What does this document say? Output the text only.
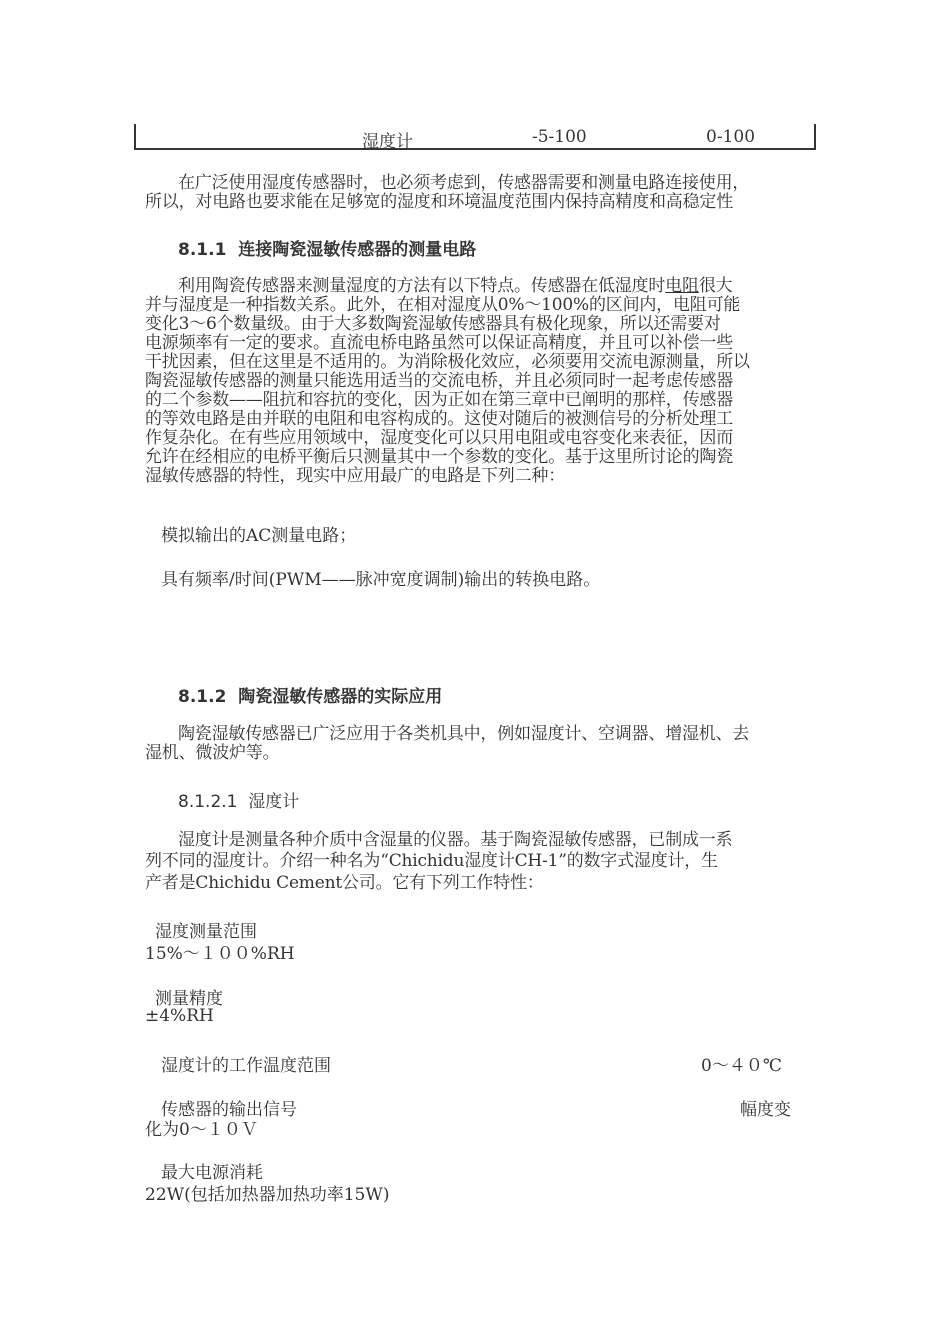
湿度计	-5-100	0-100
在广泛使用湿度传感器时，也必须考虑到，传感器需要和测量电路连接使用，
所以，对电路也要求能在足够宽的湿度和环境温度范围内保持高精度和高稳定性
8.1.1 连接陶瓷湿敏传感器的测量电路
利用陶瓷传感器来测量湿度的方法有以下特点。传感器在低湿度时电阻很大
并与湿度是一种指数关系。此外，在相对湿度从0%～100%的区间内，电阻可能
变化3～6个数量级。由于大多数陶瓷湿敏传感器具有极化现象，所以还需要对
电源频率有一定的要求。直流电桥电路虽然可以保证高精度，并且可以补偿一些
干扰因素，但在这里是不适用的。为消除极化效应，必须要用交流电源测量，所以
陶瓷湿敏传感器的测量只能选用适当的交流电桥，并且必须同时一起考虑传感器
的二个参数——阻抗和容抗的变化，因为正如在第三章中已阐明的那样，传感器
的等效电路是由并联的电阻和电容构成的。这使对随后的被测信号的分析处理工
作复杂化。在有些应用领域中，湿度变化可以只用电阻或电容变化来表征，因而
允许在经相应的电桥平衡后只测量其中一个参数的变化。基于这里所讨论的陶瓷
湿敏传感器的特性，现实中应用最广的电路是下列二种：
模拟输出的AC测量电路；
具有频率/时间(PWM——脉冲宽度调制)输出的转换电路。
8.1.2 陶瓷湿敏传感器的实际应用
陶瓷湿敏传感器已广泛应用于各类机具中，例如湿度计、空调器、增湿机、去
湿机、微波炉等。
8.1.2.1 湿度计
湿度计是测量各种介质中含湿量的仪器。基于陶瓷湿敏传感器，已制成一系
列不同的湿度计。介绍一种名为“Chichidu湿度计CH-1”的数字式湿度计，生
产者是Chichidu Cement公司。它有下列工作特性：
湿度测量范围
15%～１００%RH
测量精度
±4%RH
湿度计的工作温度范围	0～４０℃
传感器的输出信号	幅度变
化为0～１０Ｖ
最大电源消耗
22W(包括加热器加热功率15W)
